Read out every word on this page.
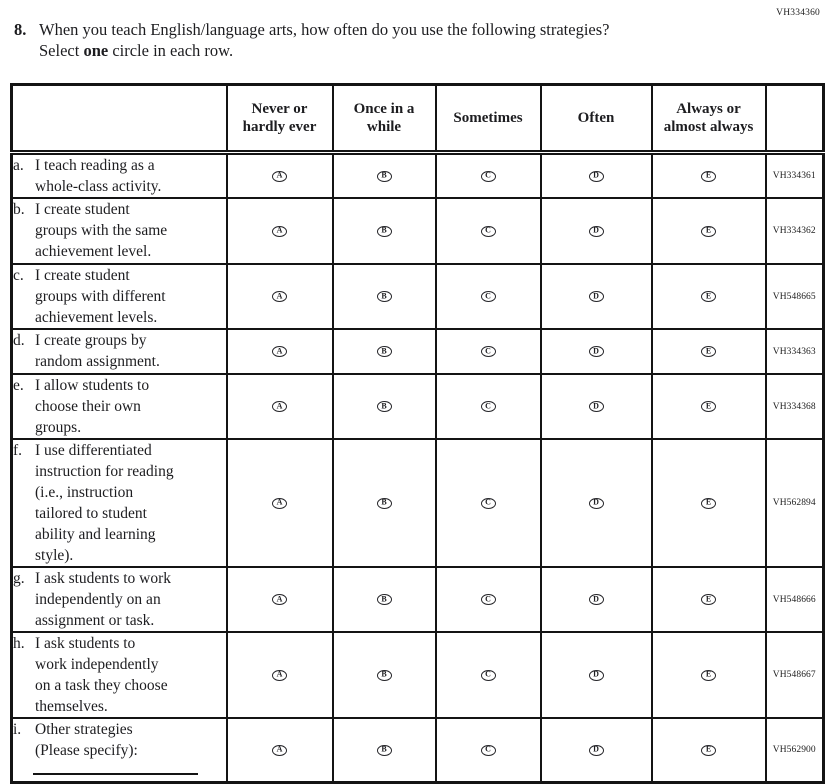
VH334360
8. When you teach English/language arts, how often do you use the following strategies?
Select one circle in each row.
	Never or hardly ever	Once in a while	Sometimes	Often	Always or almost always	

a. I teach reading as a
whole-class activity.	A	B	C	D	E	VH334361

b. I create student
groups with the same
achievement level.	A	B	C	D	E	VH334362

c. I create student
groups with different
achievement levels.	A	B	C	D	E	VH548665

d. I create groups by
random assignment.	A	B	C	D	E	VH334363

e. I allow students to
choose their own
groups.	A	B	C	D	E	VH334368

f. I use differentiated
instruction for reading
(i.e., instruction
tailored to student
ability and learning
style).

A	B	C	D	E	VH562894

g. I ask students to work
independently on an
assignment or task.	A	B	C	D	E	VH548666

h. I ask students to
work independently
on a task they choose
themselves.	A	B	C	D	E	VH548667

i. Other strategies
(Please specify):	A	B	C	D	E	VH562900
